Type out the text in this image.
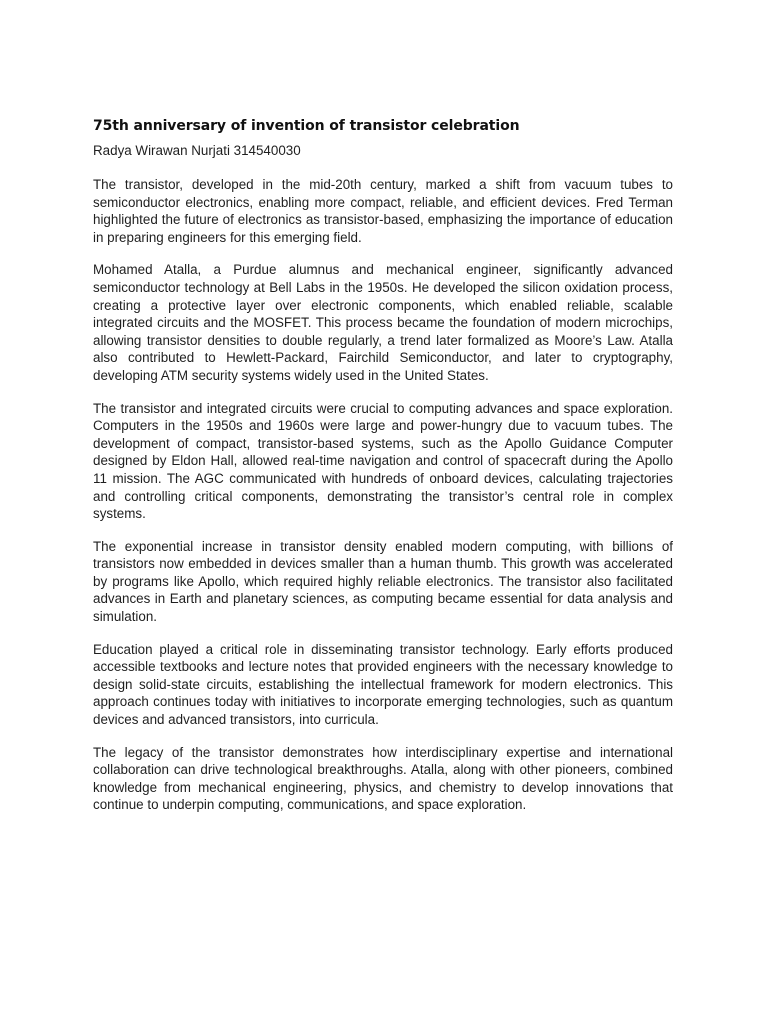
75th anniversary of invention of transistor celebration

Radya Wirawan Nurjati 314540030

The transistor, developed in the mid-20th century, marked a shift from vacuum tubes to semiconductor electronics, enabling more compact, reliable, and efficient devices. Fred Terman highlighted the future of electronics as transistor-based, emphasizing the importance of education in preparing engineers for this emerging field.

Mohamed Atalla, a Purdue alumnus and mechanical engineer, significantly advanced semiconductor technology at Bell Labs in the 1950s. He developed the silicon oxidation process, creating a protective layer over electronic components, which enabled reliable, scalable integrated circuits and the MOSFET. This process became the foundation of modern microchips, allowing transistor densities to double regularly, a trend later formalized as Moore’s Law. Atalla also contributed to Hewlett-Packard, Fairchild Semiconductor, and later to cryptography, developing ATM security systems widely used in the United States.

The transistor and integrated circuits were crucial to computing advances and space exploration. Computers in the 1950s and 1960s were large and power-hungry due to vacuum tubes. The development of compact, transistor-based systems, such as the Apollo Guidance Computer designed by Eldon Hall, allowed real-time navigation and control of spacecraft during the Apollo 11 mission. The AGC communicated with hundreds of onboard devices, calculating trajectories and controlling critical components, demonstrating the transistor’s central role in complex systems.

The exponential increase in transistor density enabled modern computing, with billions of transistors now embedded in devices smaller than a human thumb. This growth was accelerated by programs like Apollo, which required highly reliable electronics. The transistor also facilitated advances in Earth and planetary sciences, as computing became essential for data analysis and simulation.

Education played a critical role in disseminating transistor technology. Early efforts produced accessible textbooks and lecture notes that provided engineers with the necessary knowledge to design solid-state circuits, establishing the intellectual framework for modern electronics. This approach continues today with initiatives to incorporate emerging technologies, such as quantum devices and advanced transistors, into curricula.

The legacy of the transistor demonstrates how interdisciplinary expertise and international collaboration can drive technological breakthroughs. Atalla, along with other pioneers, combined knowledge from mechanical engineering, physics, and chemistry to develop innovations that continue to underpin computing, communications, and space exploration.
